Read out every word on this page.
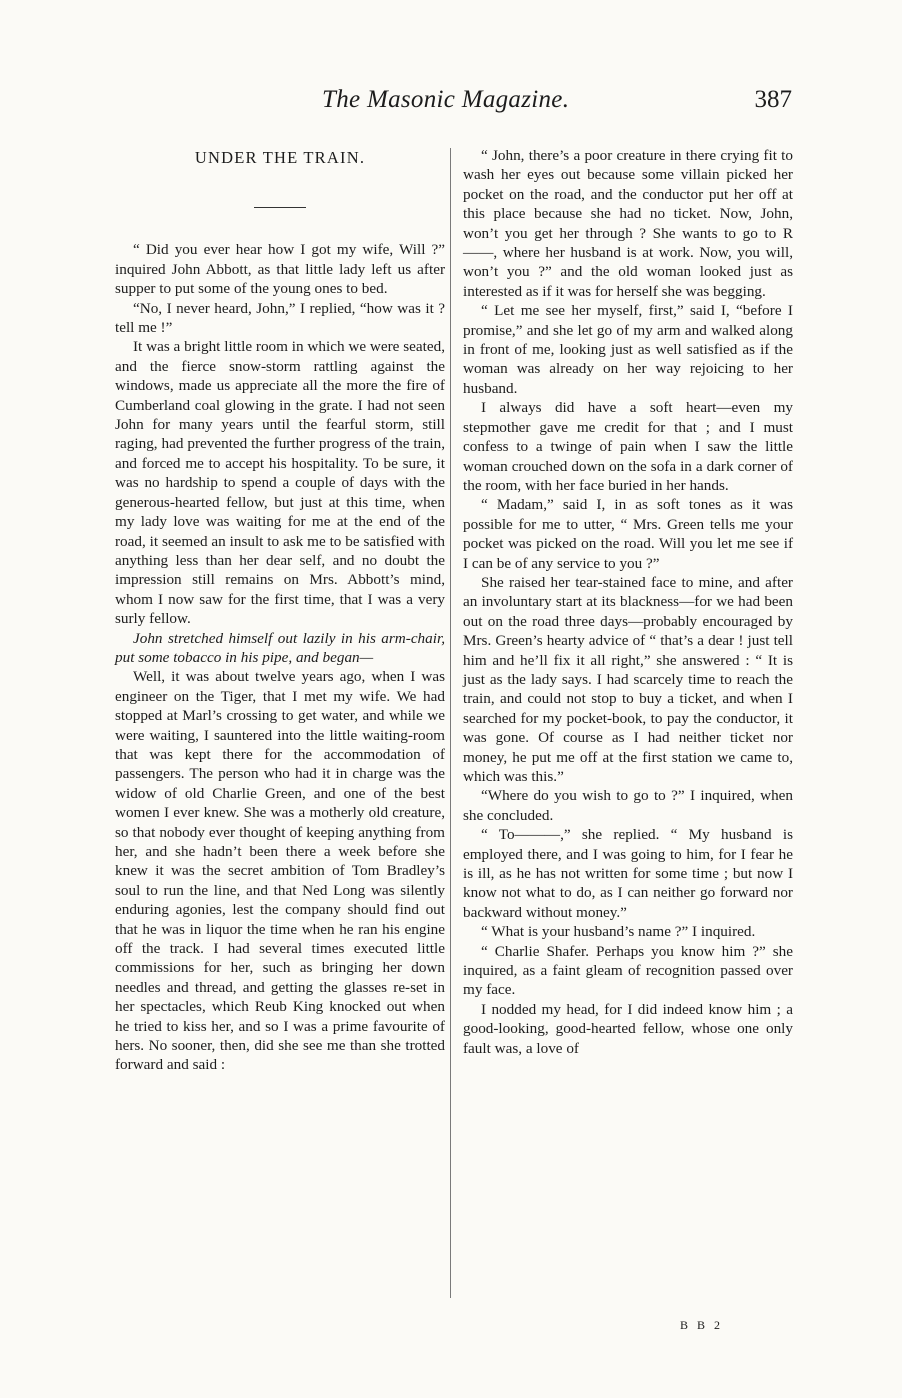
The Masonic Magazine.	387
UNDER THE TRAIN.

“ Did you ever hear how I got my wife, Will ?” inquired John Abbott, as that little lady left us after supper to put some of the young ones to bed.

“No, I never heard, John,” I replied, “how was it ? tell me !”

It was a bright little room in which we were seated, and the fierce snow-storm rattling against the windows, made us appreciate all the more the fire of Cumberland coal glowing in the grate. I had not seen John for many years until the fearful storm, still raging, had prevented the further progress of the train, and forced me to accept his hospitality. To be sure, it was no hardship to spend a couple of days with the generous-hearted fellow, but just at this time, when my lady love was waiting for me at the end of the road, it seemed an insult to ask me to be satisfied with anything less than her dear self, and no doubt the impression still remains on Mrs. Abbott’s mind, whom I now saw for the first time, that I was a very surly fellow.

John stretched himself out lazily in his arm-chair, put some tobacco in his pipe, and began—

Well, it was about twelve years ago, when I was engineer on the Tiger, that I met my wife. We had stopped at Marl’s crossing to get water, and while we were waiting, I sauntered into the little waiting-room that was kept there for the accommodation of passengers. The person who had it in charge was the widow of old Charlie Green, and one of the best women I ever knew. She was a motherly old creature, so that nobody ever thought of keeping anything from her, and she hadn’t been there a week before she knew it was the secret ambition of Tom Bradley’s soul to run the line, and that Ned Long was silently enduring agonies, lest the company should find out that he was in liquor the time when he ran his engine off the track. I had several times executed little commissions for her, such as bringing her down needles and thread, and getting the glasses re-set in her spectacles, which Reub King knocked out when he tried to kiss her, and so I was a prime favourite of hers. No sooner, then, did she see me than she trotted forward and said :

“ John, there’s a poor creature in there crying fit to wash her eyes out because some villain picked her pocket on the road, and the conductor put her off at this place because she had no ticket. Now, John, won’t you get her through ? She wants to go to R——, where her husband is at work. Now, you will, won’t you ?” and the old woman looked just as interested as if it was for herself she was begging.

“ Let me see her myself, first,” said I, “before I promise,” and she let go of my arm and walked along in front of me, looking just as well satisfied as if the woman was already on her way rejoicing to her husband.

I always did have a soft heart—even my stepmother gave me credit for that ; and I must confess to a twinge of pain when I saw the little woman crouched down on the sofa in a dark corner of the room, with her face buried in her hands.

“ Madam,” said I, in as soft tones as it was possible for me to utter, “ Mrs. Green tells me your pocket was picked on the road. Will you let me see if I can be of any service to you ?”

She raised her tear-stained face to mine, and after an involuntary start at its blackness—for we had been out on the road three days—probably encouraged by Mrs. Green’s hearty advice of “ that’s a dear ! just tell him and he’ll fix it all right,” she answered : “ It is just as the lady says. I had scarcely time to reach the train, and could not stop to buy a ticket, and when I searched for my pocket-book, to pay the conductor, it was gone. Of course as I had neither ticket nor money, he put me off at the first station we came to, which was this.”

“Where do you wish to go to ?” I inquired, when she concluded.

“ To———,” she replied. “ My husband is employed there, and I was going to him, for I fear he is ill, as he has not written for some time ; but now I know not what to do, as I can neither go forward nor backward without money.”

“ What is your husband’s name ?” I inquired.

“ Charlie Shafer. Perhaps you know him ?” she inquired, as a faint gleam of recognition passed over my face.

I nodded my head, for I did indeed know him ; a good-looking, good-hearted fellow, whose one only fault was, a love of

B B 2
